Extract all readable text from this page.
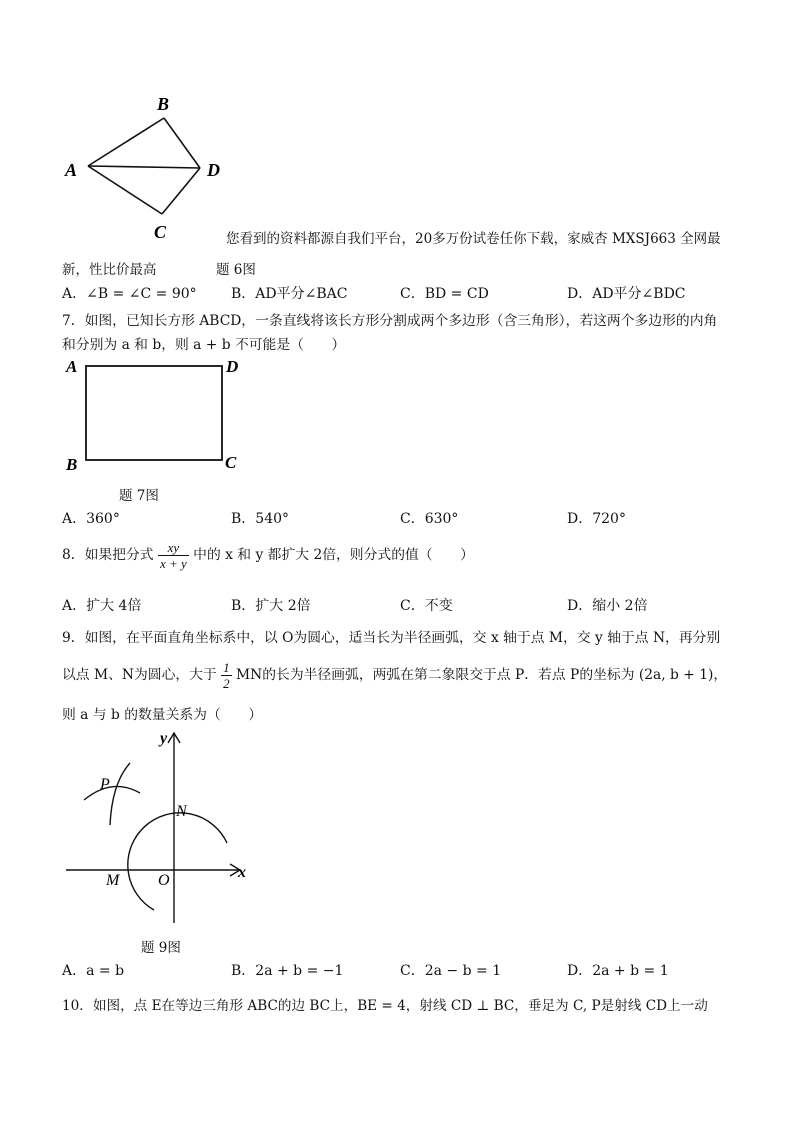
A
B
D
C	您看到的资料都源自我们平台，20多万份试卷任你下载，家威杏 MXSJ663 全网最
新，性比价最高	题 6图
A．∠B = ∠C = 90° B．AD平分∠BAC	C．BD = CD	D．AD平分∠BDC
7．如图，已知长方形 ABCD，一条直线将该长方形分割成两个多边形（含三角形），若这两个多边形的内角
和分别为 a 和 b，则 a + b 不可能是（　　）
A	D
B	C
题 7图
A．360°	B．540°	C．630°	D．720°
8．如果把分式 $\frac{xy}{x + y}$ 中的 x 和 y 都扩大 2倍，则分式的值（　　）
A．扩大 4倍	B．扩大 2倍	C．不变	D．缩小 2倍
9．如图，在平面直角坐标系中，以 O为圆心，适当长为半径画弧，交 x 轴于点 M，交 y 轴于点 N，再分别
以点 M、N为圆心，大于 $\frac{1}{2}$ MN的长为半径画弧，两弧在第二象限交于点 P．若点 P的坐标为 (2a, b + 1)，
则 a 与 b 的数量关系为（　　）
y
x
P
N
M O
题 9图
A．a = b	B．2a + b = −1	C．2a − b = 1	D．2a + b = 1
10．如图，点 E在等边三角形 ABC的边 BC上，BE = 4，射线 CD ⊥ BC，垂足为 C, P是射线 CD上一动
